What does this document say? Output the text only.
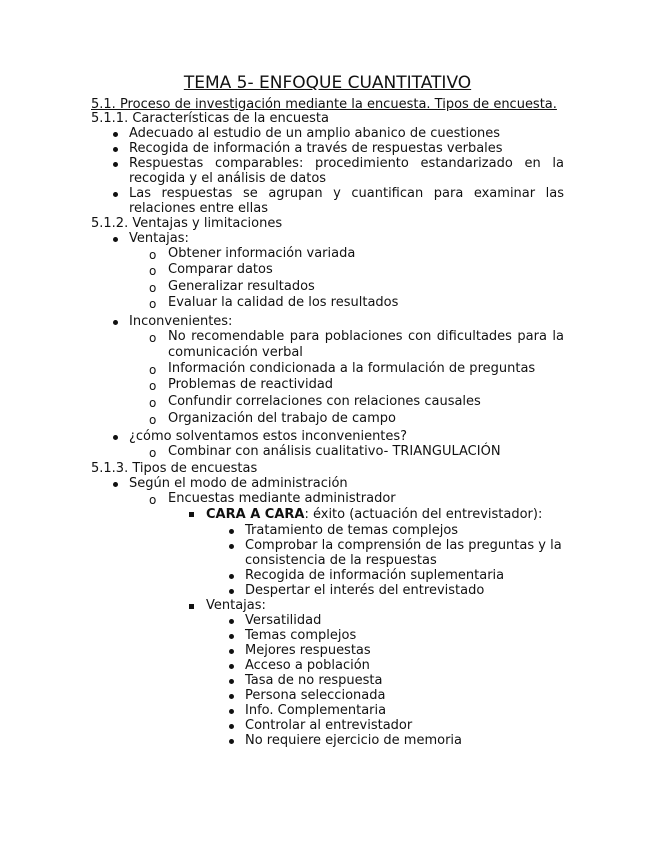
TEMA 5- ENFOQUE CUANTITATIVO
5.1. Proceso de investigación mediante la encuesta. Tipos de encuesta.
5.1.1. Características de la encuesta
Adecuado al estudio de un amplio abanico de cuestiones
Recogida de información a través de respuestas verbales
Respuestas comparables: procedimiento estandarizado en la
recogida y el análisis de datos
Las respuestas se agrupan y cuantifican para examinar las
relaciones entre ellas
5.1.2. Ventajas y limitaciones
Ventajas:
o Obtener información variada
o Comparar datos
o Generalizar resultados
o Evaluar la calidad de los resultados
Inconvenientes:
o No recomendable para poblaciones con dificultades para la
comunicación verbal
o Información condicionada a la formulación de preguntas
o Problemas de reactividad
o Confundir correlaciones con relaciones causales
o Organización del trabajo de campo
¿cómo solventamos estos inconvenientes?
o Combinar con análisis cualitativo- TRIANGULACIÓN
5.1.3. Tipos de encuestas
Según el modo de administración
o Encuestas mediante administrador
CARA A CARA: éxito (actuación del entrevistador):
Tratamiento de temas complejos
Comprobar la comprensión de las preguntas y la
consistencia de la respuestas
Recogida de información suplementaria
Despertar el interés del entrevistado
Ventajas:
Versatilidad
Temas complejos
Mejores respuestas
Acceso a población
Tasa de no respuesta
Persona seleccionada
Info. Complementaria
Controlar al entrevistador
No requiere ejercicio de memoria
